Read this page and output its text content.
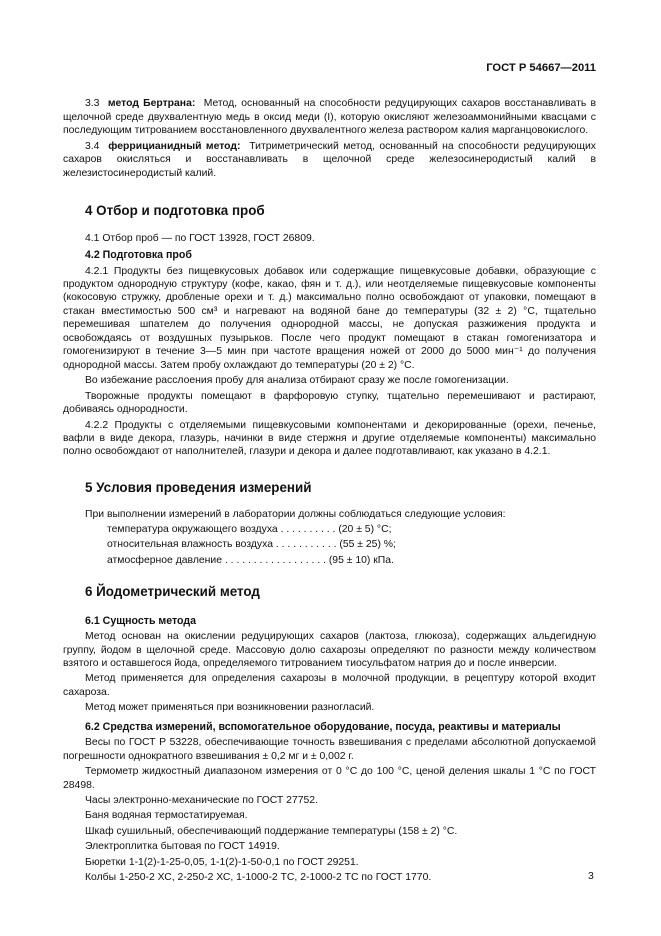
ГОСТ Р 54667—2011

3.3 метод Бертрана: Метод, основанный на способности редуцирующих сахаров восстанавливать в щелочной среде двухвалентную медь в оксид меди (I), которую окисляют железоаммонийными квасцами с последующим титрованием восстановленного двухвалентного железа раствором калия марганцовокислого.

3.4 феррицианидный метод: Титриметрический метод, основанный на способности редуцирующих сахаров окисляться и восстанавливать в щелочной среде железосинеродистый калий в железистосинеродистый калий.

4 Отбор и подготовка проб

4.1 Отбор проб — по ГОСТ 13928, ГОСТ 26809.

4.2 Подготовка проб

4.2.1 Продукты без пищевкусовых добавок или содержащие пищевкусовые добавки, образующие с продуктом однородную структуру (кофе, какао, фян и т. д.), или неотделяемые пищевкусовые компоненты (кокосовую стружку, дробленые орехи и т. д.) максимально полно освобождают от упаковки, помещают в стакан вместимостью 500 см³ и нагревают на водяной бане до температуры (32 ± 2) °С, тщательно перемешивая шпателем до получения однородной массы, не допуская разжижения продукта и освобождаясь от воздушных пузырьков. После чего продукт помещают в стакан гомогенизатора и гомогенизируют в течение 3—5 мин при частоте вращения ножей от 2000 до 5000 мин⁻¹ до получения однородной массы. Затем пробу охлаждают до температуры (20 ± 2) °С.

Во избежание расслоения пробу для анализа отбирают сразу же после гомогенизации.

Творожные продукты помещают в фарфоровую ступку, тщательно перемешивают и растирают, добиваясь однородности.

4.2.2 Продукты с отделяемыми пищевкусовыми компонентами и декорированные (орехи, печенье, вафли в виде декора, глазурь, начинки в виде стержня и другие отделяемые компоненты) максимально полно освобождают от наполнителей, глазури и декора и далее подготавливают, как указано в 4.2.1.

5 Условия проведения измерений

При выполнении измерений в лаборатории должны соблюдаться следующие условия:

температура окружающего воздуха . . . . . . . . . . (20 ± 5) °С;
относительная влажность воздуха . . . . . . . . . . . (55 ± 25) %;
атмосферное давление . . . . . . . . . . . . . . . . . . (95 ± 10) кПа.
6 Йодометрический метод
6.1 Сущность метода

Метод основан на окислении редуцирующих сахаров (лактоза, глюкоза), содержащих альдегидную группу, йодом в щелочной среде. Массовую долю сахарозы определяют по разности между количеством взятого и оставшегося йода, определяемого титрованием тиосульфатом натрия до и после инверсии.

Метод применяется для определения сахарозы в молочной продукции, в рецептуру которой входит сахароза.

Метод может применяться при возникновении разногласий.

6.2 Средства измерений, вспомогательное оборудование, посуда, реактивы и материалы

Весы по ГОСТ Р 53228, обеспечивающие точность взвешивания с пределами абсолютной допускаемой погрешности однократного взвешивания ± 0,2 мг и ± 0,002 г.

Термометр жидкостный диапазоном измерения от 0 °С до 100 °С, ценой деления шкалы 1 °С по ГОСТ 28498.

Часы электронно-механические по ГОСТ 27752.

Баня водяная термостатируемая.

Шкаф сушильный, обеспечивающий поддержание температуры (158 ± 2) °С.

Электроплитка бытовая по ГОСТ 14919.

Бюретки 1-1(2)-1-25-0,05, 1-1(2)-1-50-0,1 по ГОСТ 29251.

Колбы 1-250-2 ХС, 2-250-2 ХС, 1-1000-2 ТС, 2-1000-2 ТС по ГОСТ 1770.	3
